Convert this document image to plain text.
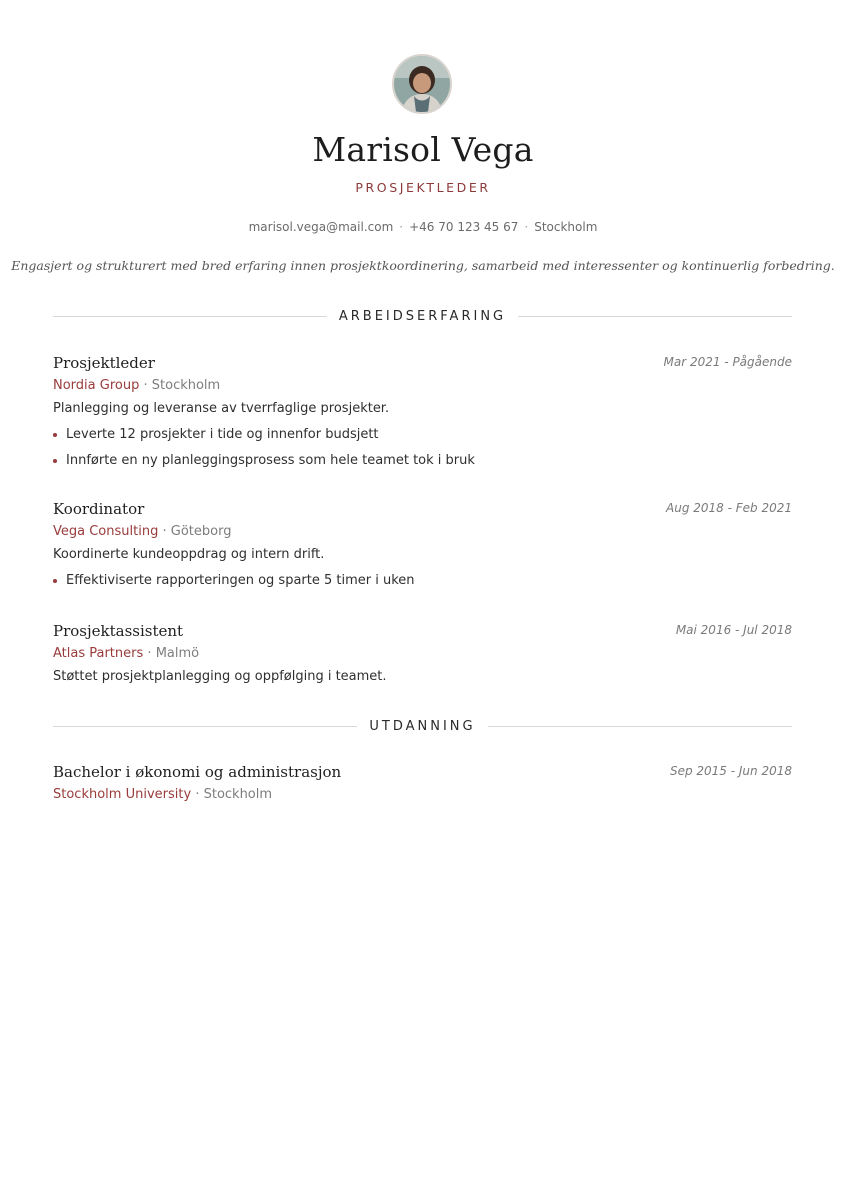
Marisol Vega
PROSJEKTLEDER
marisol.vega@mail.com · +46 70 123 45 67 · Stockholm
Engasjert og strukturert med bred erfaring innen prosjektkoordinering, samarbeid med interessenter og kontinuerlig forbedring.
ARBEIDSERFARING
Prosjektleder	Mar 2021 - Pågående
Nordia Group · Stockholm
Planlegging og leveranse av tverrfaglige prosjekter.
Leverte 12 prosjekter i tide og innenfor budsjett
Innførte en ny planleggingsprosess som hele teamet tok i bruk
Koordinator	Aug 2018 - Feb 2021
Vega Consulting · Göteborg
Koordinerte kundeoppdrag og intern drift.
Effektiviserte rapporteringen og sparte 5 timer i uken
Prosjektassistent	Mai 2016 - Jul 2018
Atlas Partners · Malmö
Støttet prosjektplanlegging og oppfølging i teamet.
UTDANNING
Bachelor i økonomi og administrasjon	Sep 2015 - Jun 2018
Stockholm University · Stockholm
